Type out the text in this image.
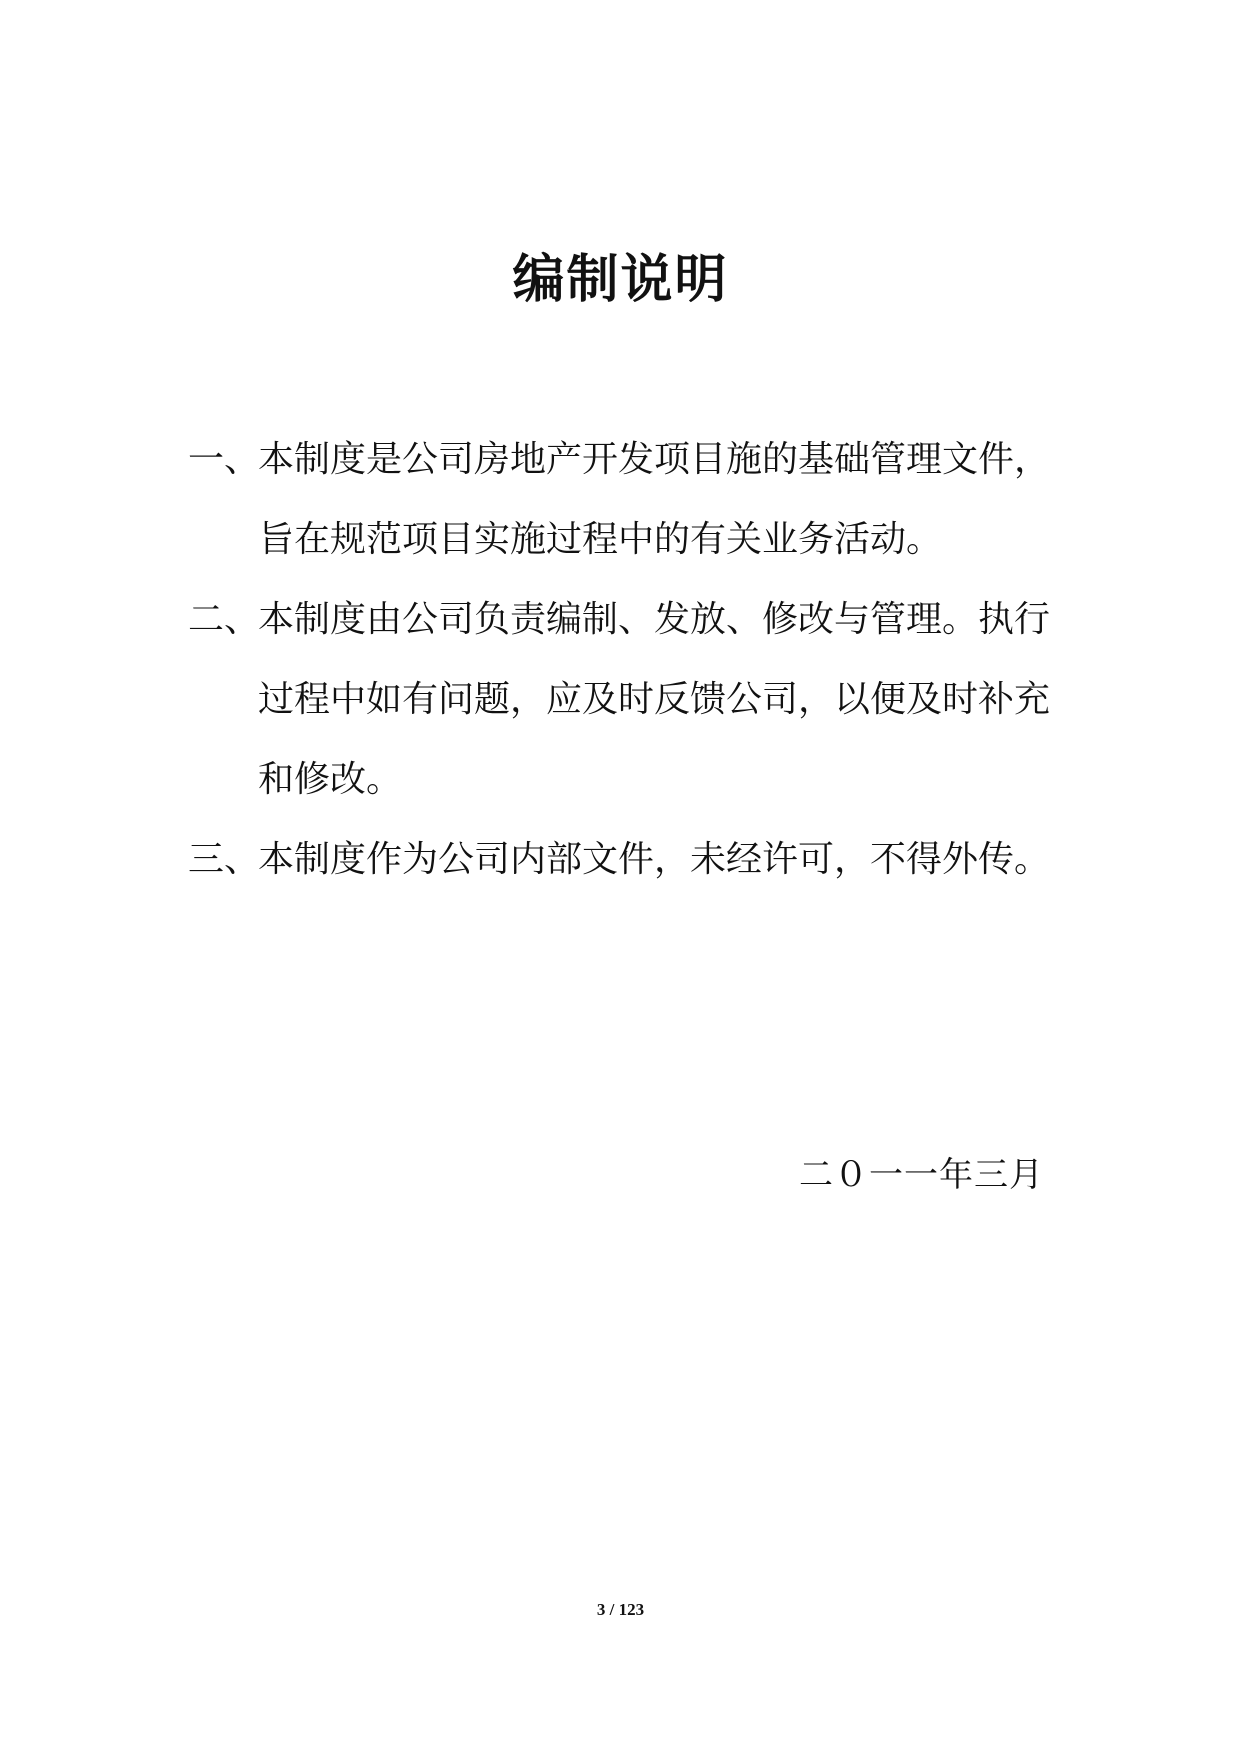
编制说明

一、本制度是公司房地产开发项目施的基础管理文件，旨在规范项目实施过程中的有关业务活动。

二、本制度由公司负责编制、发放、修改与管理。执行过程中如有问题，应及时反馈公司，以便及时补充和修改。

三、本制度作为公司内部文件，未经许可，不得外传。

二０一一年三月
3 / 123
